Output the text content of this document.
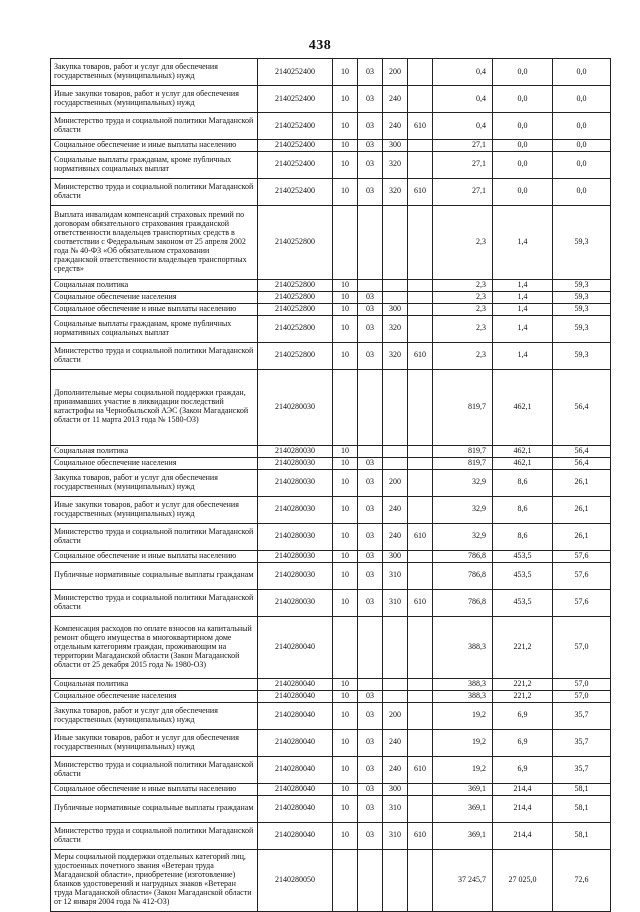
438
Закупка товаров, работ и услуг для обеспечения государственных (муниципальных) нужд	2140252400	10	03	200		0,4	0,0	0,0
Иные закупки товаров, работ и услуг для обеспечения государственных (муниципальных) нужд	2140252400	10	03	240		0,4	0,0	0,0
Министерство труда и социальной политики Магаданской области	2140252400	10	03	240	610	0,4	0,0	0,0
Социальное обеспечение и иные выплаты населению	2140252400	10	03	300		27,1	0,0	0,0
Социальные выплаты гражданам, кроме публичных нормативных социальных выплат	2140252400	10	03	320		27,1	0,0	0,0
Министерство труда и социальной политики Магаданской области	2140252400	10	03	320	610	27,1	0,0	0,0
Выплата инвалидам компенсаций страховых премий по договорам обязательного страхования гражданской ответственности владельцев транспортных средств в соответствии с Федеральным законом от 25 апреля 2002 года № 40-ФЗ «Об обязательном страховании гражданской ответственности владельцев транспортных средств»	2140252800					2,3	1,4	59,3
Социальная политика	2140252800	10				2,3	1,4	59,3
Социальное обеспечение населения	2140252800	10	03			2,3	1,4	59,3
Социальное обеспечение и иные выплаты населению	2140252800	10	03	300		2,3	1,4	59,3
Социальные выплаты гражданам, кроме публичных нормативных социальных выплат	2140252800	10	03	320		2,3	1,4	59,3
Министерство труда и социальной политики Магаданской области	2140252800	10	03	320	610	2,3	1,4	59,3
Дополнительные меры социальной поддержки граждан, принимавших участие в ликвидации последствий катастрофы на Чернобыльской АЭС (Закон Магаданской области от 11 марта 2013 года № 1580-ОЗ)	2140280030					819,7	462,1	56,4
Социальная политика	2140280030	10				819,7	462,1	56,4
Социальное обеспечение населения	2140280030	10	03			819,7	462,1	56,4
Закупка товаров, работ и услуг для обеспечения государственных (муниципальных) нужд	2140280030	10	03	200		32,9	8,6	26,1
Иные закупки товаров, работ и услуг для обеспечения государственных (муниципальных) нужд	2140280030	10	03	240		32,9	8,6	26,1
Министерство труда и социальной политики Магаданской области	2140280030	10	03	240	610	32,9	8,6	26,1
Социальное обеспечение и иные выплаты населению	2140280030	10	03	300		786,8	453,5	57,6
Публичные нормативные социальные выплаты гражданам	2140280030	10	03	310		786,8	453,5	57,6
Министерство труда и социальной политики Магаданской области	2140280030	10	03	310	610	786,8	453,5	57,6
Компенсация расходов по оплате взносов на капитальный ремонт общего имущества в многоквартирном доме отдельным категориям граждан, проживающим на территории Магаданской области (Закон Магаданской области от 25 декабря 2015 года № 1980-ОЗ)	2140280040					388,3	221,2	57,0
Социальная политика	2140280040	10				388,3	221,2	57,0
Социальное обеспечение населения	2140280040	10	03			388,3	221,2	57,0
Закупка товаров, работ и услуг для обеспечения государственных (муниципальных) нужд	2140280040	10	03	200		19,2	6,9	35,7
Иные закупки товаров, работ и услуг для обеспечения государственных (муниципальных) нужд	2140280040	10	03	240		19,2	6,9	35,7
Министерство труда и социальной политики Магаданской области	2140280040	10	03	240	610	19,2	6,9	35,7
Социальное обеспечение и иные выплаты населению	2140280040	10	03	300		369,1	214,4	58,1
Публичные нормативные социальные выплаты гражданам	2140280040	10	03	310		369,1	214,4	58,1
Министерство труда и социальной политики Магаданской области	2140280040	10	03	310	610	369,1	214,4	58,1
Меры социальной поддержки отдельных категорий лиц, удостоенных почетного звания «Ветеран труда Магаданской области», приобретение (изготовление) бланков удостоверений и нагрудных знаков «Ветеран труда Магаданской области» (Закон Магаданской области от 12 января 2004 года № 412-ОЗ)	2140280050					37 245,7	27 025,0	72,6
